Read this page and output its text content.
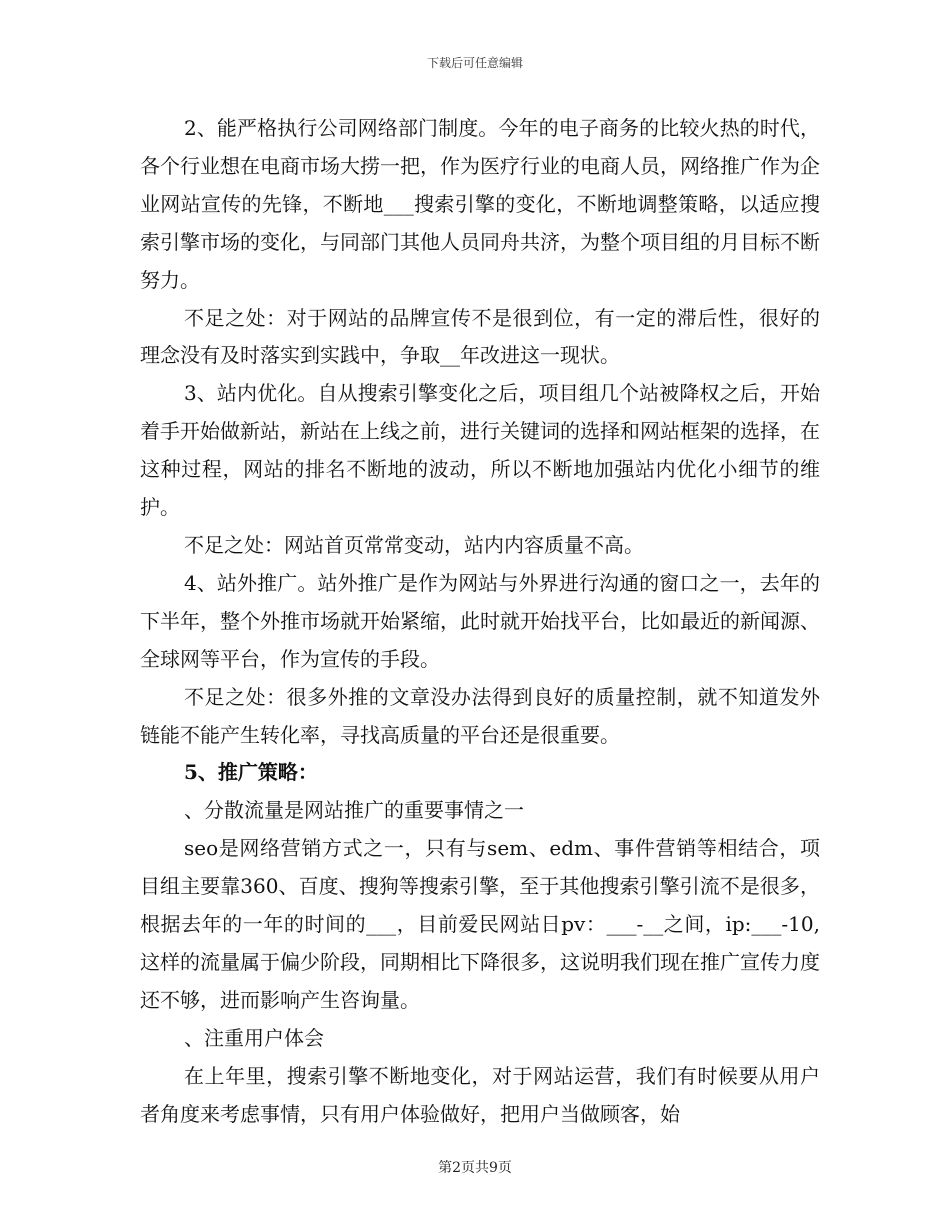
下载后可任意编辑

2、能严格执行公司网络部门制度。今年的电子商务的比较火热的时代，各个行业想在电商市场大捞一把，作为医疗行业的电商人员，网络推广作为企业网站宣传的先锋，不断地___搜索引擎的变化，不断地调整策略，以适应搜索引擎市场的变化，与同部门其他人员同舟共济，为整个项目组的月目标不断努力。

不足之处：对于网站的品牌宣传不是很到位，有一定的滞后性，很好的理念没有及时落实到实践中，争取__年改进这一现状。

3、站内优化。自从搜索引擎变化之后，项目组几个站被降权之后，开始着手开始做新站，新站在上线之前，进行关键词的选择和网站框架的选择，在这种过程，网站的排名不断地的波动，所以不断地加强站内优化小细节的维护。

不足之处：网站首页常常变动，站内内容质量不高。

4、站外推广。站外推广是作为网站与外界进行沟通的窗口之一，去年的下半年，整个外推市场就开始紧缩，此时就开始找平台，比如最近的新闻源、全球网等平台，作为宣传的手段。

不足之处：很多外推的文章没办法得到良好的质量控制，就不知道发外链能不能产生转化率，寻找高质量的平台还是很重要。

5、推广策略：

、分散流量是网站推广的重要事情之一

seo是网络营销方式之一，只有与sem、edm、事件营销等相结合，项目组主要靠360、百度、搜狗等搜索引擎，至于其他搜索引擎引流不是很多，根据去年的一年的时间的___，目前爱民网站日pv：___-__之间，ip:___-10,这样的流量属于偏少阶段，同期相比下降很多，这说明我们现在推广宣传力度还不够，进而影响产生咨询量。

、注重用户体会

在上年里，搜索引擎不断地变化，对于网站运营，我们有时候要从用户者角度来考虑事情，只有用户体验做好，把用户当做顾客，始

第2页共9页
